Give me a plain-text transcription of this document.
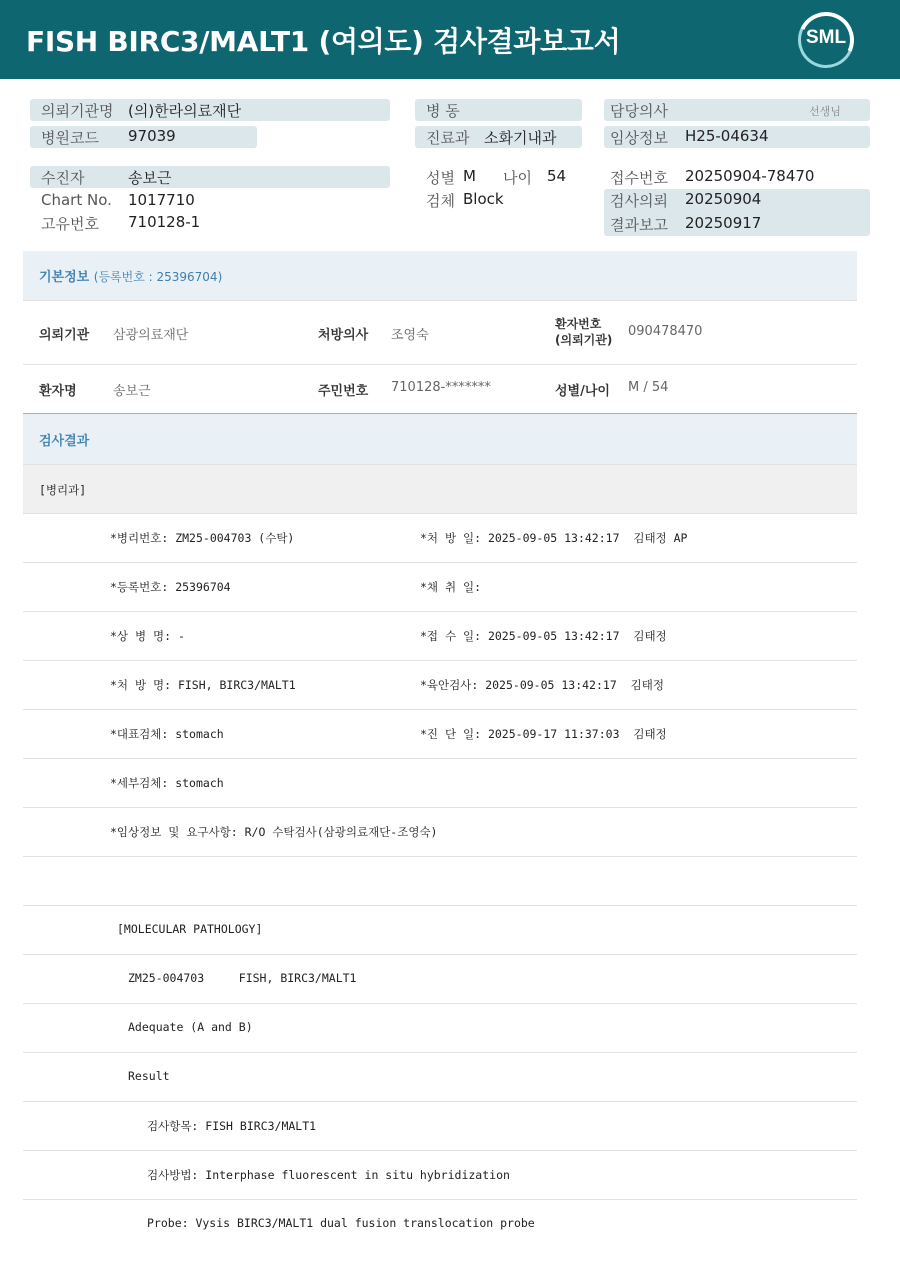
FISH BIRC3/MALT1 (여의도) 검사결과보고서	SML
의뢰기관명 (의)한라의료재단
병원코드 97039
수진자	송보근
Chart No. 1017710
고유번호 710128-1
병 동
진료과 소화기내과
성별 M 나이 54
검체 Block
담당의사	선생님
임상정보 H25-04634
접수번호 20250904-78470
검사의뢰 20250904
결과보고 20250917
기본정보 (등록번호 : 25396704)
의뢰기관 삼광의료재단	처방의사 조영숙
환자번호
(의뢰기관)
090478470
환자명	송보근	주민번호 710128-*******	성별/나이 M / 54
검사결과
[병리과]
*병리번호: ZM25-004703 (수탁)	*처 방 일: 2025-09-05 13:42:17  김태정 AP
*등록번호: 25396704	*채 취 일:
*상 병 명: -	*접 수 일: 2025-09-05 13:42:17  김태정
*처 방 명: FISH, BIRC3/MALT1	*육안검사: 2025-09-05 13:42:17  김태정
*대표검체: stomach	*진 단 일: 2025-09-17 11:37:03  김태정
*세부검체: stomach
*임상정보 및 요구사항: R/O 수탁검사(삼광의료재단-조영숙)
[MOLECULAR PATHOLOGY]
ZM25-004703     FISH, BIRC3/MALT1
Adequate (A and B)
Result
검사항목: FISH BIRC3/MALT1
검사방법: Interphase fluorescent in situ hybridization
Probe: Vysis BIRC3/MALT1 dual fusion translocation probe
